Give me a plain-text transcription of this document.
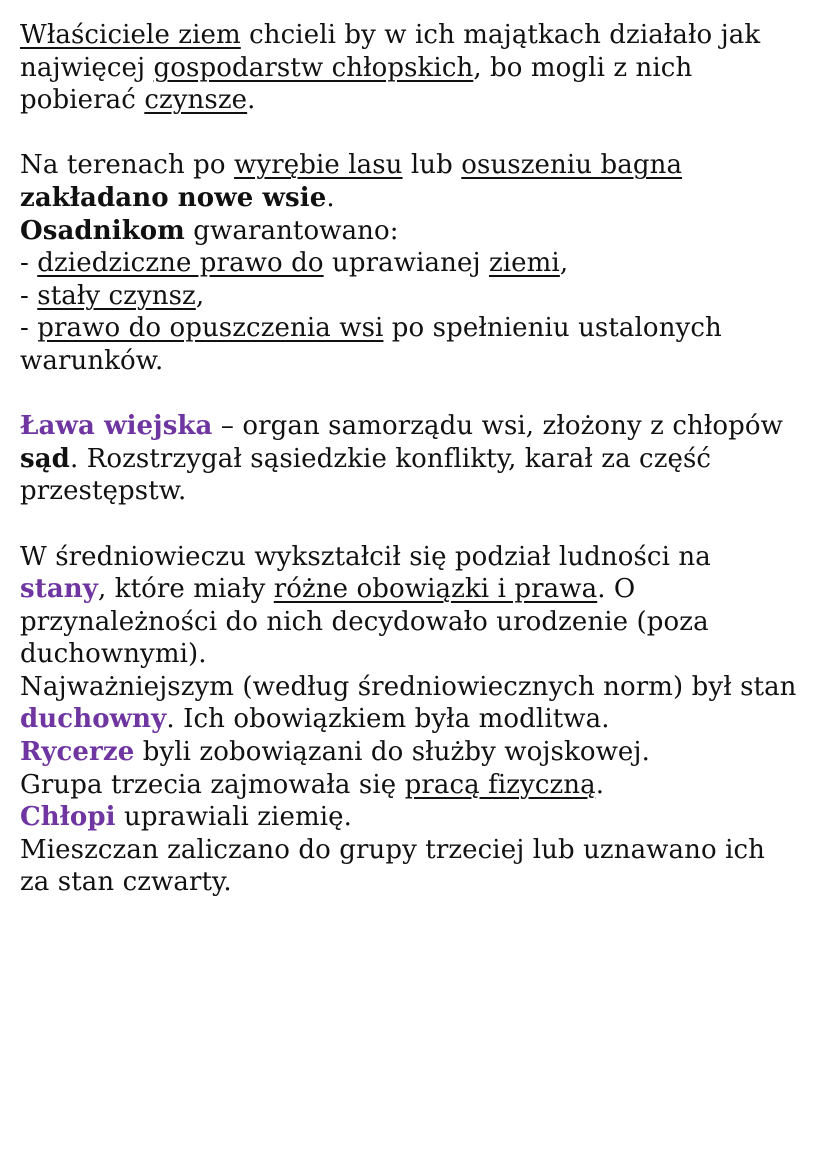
Właściciele ziem chcieli by w ich majątkach działało jak
najwięcej gospodarstw chłopskich, bo mogli z nich
pobierać czynsze.
Na terenach po wyrębie lasu lub osuszeniu bagna
zakładano nowe wsie.
Osadnikom gwarantowano:
- dziedziczne prawo do uprawianej ziemi,
- stały czynsz,
- prawo do opuszczenia wsi po spełnieniu ustalonych
warunków.
Ława wiejska – organ samorządu wsi, złożony z chłopów
sąd. Rozstrzygał sąsiedzkie konflikty, karał za część
przestępstw.
W średniowieczu wykształcił się podział ludności na
stany, które miały różne obowiązki i prawa. O
przynależności do nich decydowało urodzenie (poza
duchownymi).
Najważniejszym (według średniowiecznych norm) był stan
duchowny. Ich obowiązkiem była modlitwa.
Rycerze byli zobowiązani do służby wojskowej.
Grupa trzecia zajmowała się pracą fizyczną.
Chłopi uprawiali ziemię.
Mieszczan zaliczano do grupy trzeciej lub uznawano ich
za stan czwarty.
